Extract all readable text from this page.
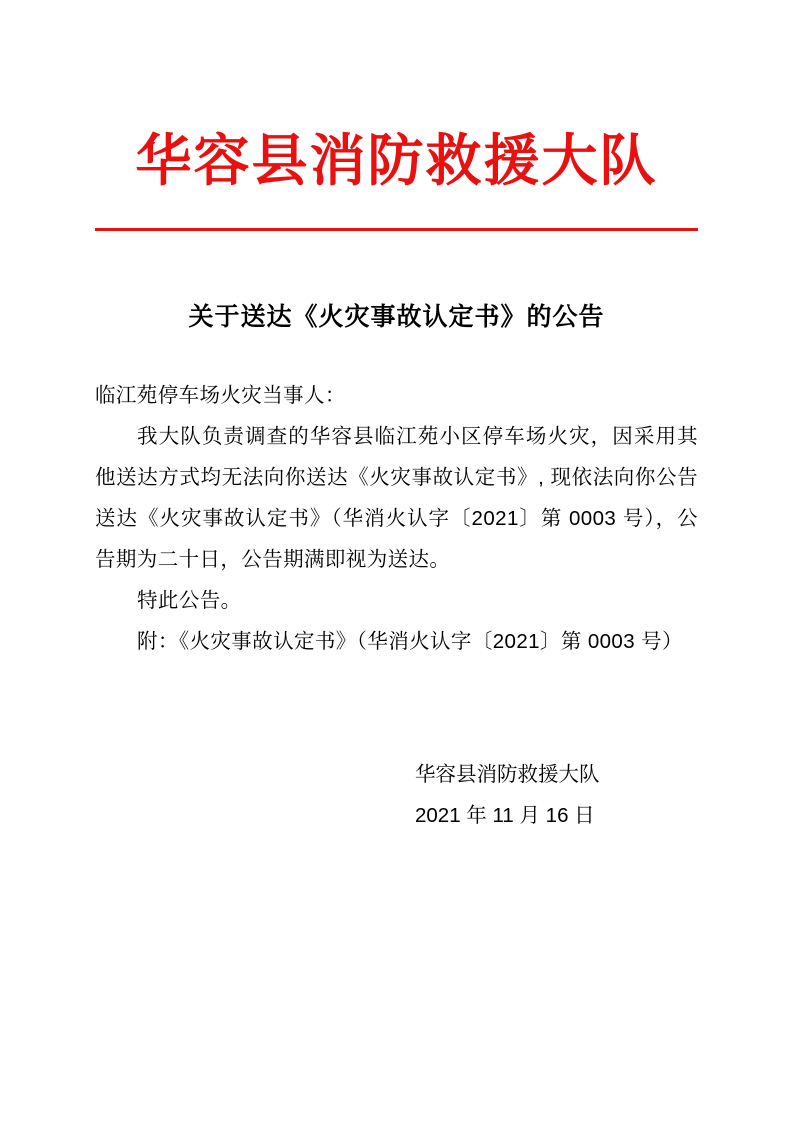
华容县消防救援大队
关于送达《火灾事故认定书》的公告

临江苑停车场火灾当事人：

我大队负责调查的华容县临江苑小区停车场火灾，因采用其他送达方式均无法向你送达《火灾事故认定书》, 现依法向你公告送达《火灾事故认定书》（华消火认字〔2021〕第 0003 号），公告期为二十日，公告期满即视为送达。

特此公告。

附：《火灾事故认定书》（华消火认字〔2021〕第 0003 号）

华容县消防救援大队

2021 年 11 月 16 日
